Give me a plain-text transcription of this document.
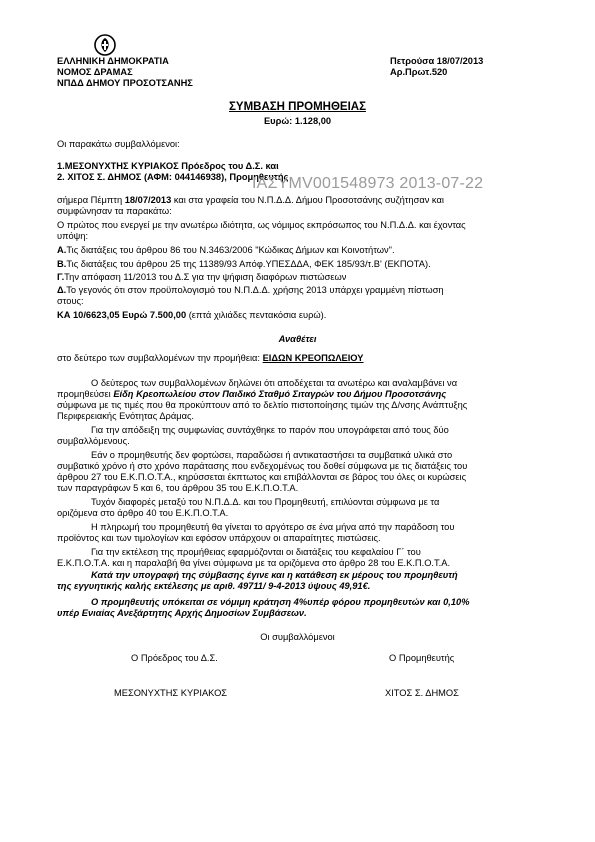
ΕΛΛΗΝΙΚΗ ΔΗΜΟΚΡΑΤΙΑ
ΝΟΜΟΣ ΔΡΑΜΑΣ
ΝΠΔΔ ΔΗΜΟΥ ΠΡΟΣΟΤΣΑΝΗΣ
Πετρούσα 18/07/2013
Αρ.Πρωτ.520
ΣΥΜΒΑΣΗ ΠΡΟΜΗΘΕΙΑΣ
Ευρώ: 1.128,00
Οι παρακάτω συμβαλλόμενοι:
1.ΜΕΣΟΝΥΧΤΗΣ ΚΥΡΙΑΚΟΣ Πρόεδρος του Δ.Σ. και
2. ΧΙΤΟΣ Σ. ΔΗΜΟΣ (ΑΦΜ: 044146938), Προμηθευτής
ΙΑΣΥΜV001548973 2013-07-22
σήμερα Πέμπτη 18/07/2013 και στα γραφεία του Ν.Π.Δ.Δ. Δήμου Προσοτσάνης συζήτησαν και
συμφώνησαν τα παρακάτω:
Ο πρώτος που ενεργεί με την ανωτέρω ιδιότητα, ως νόμιμος εκπρόσωπος του Ν.Π.Δ.Δ. και έχοντας
υπόψη:
Α.Τις διατάξεις του άρθρου 86 του Ν.3463/2006 "Κώδικας Δήμων και Κοινοτήτων".
Β.Τις διατάξεις του άρθρου 25 της 11389/93 Απόφ.ΥΠΕΣΔΔΑ, ΦΕΚ 185/93/τ.Β' (ΕΚΠΟΤΑ).
Γ.Την απόφαση 11/2013 του Δ.Σ για την ψήφιση διαφόρων πιστώσεων
Δ.Το γεγονός ότι στον προϋπολογισμό του Ν.Π.Δ.Δ. χρήσης 2013 υπάρχει γραμμένη πίστωση
στους:
ΚΑ 10/6623,05 Ευρώ 7.500,00 (επτά χιλιάδες πεντακόσια ευρώ).
Αναθέτει
στο δεύτερο των συμβαλλομένων την προμήθεια: ΕΙΔΩΝ ΚΡΕΟΠΩΛΕΙΟΥ
Ο δεύτερος των συμβαλλομένων δηλώνει ότι αποδέχεται τα ανωτέρω και αναλαμβάνει να
προμηθεύσει Είδη Κρεοπωλείου στον Παιδικό Σταθμό Σιταγρών του Δήμου Προσοτσάνης
σύμφωνα με τις τιμές που θα προκύπτουν από το δελτίο πιστοποίησης τιμών της Δ/νσης Ανάπτυξης
Περιφερειακής Ενότητας Δράμας.
Για την απόδειξη της συμφωνίας συντάχθηκε το παρόν που υπογράφεται από τους δύο
συμβαλλόμενους.
Εάν ο προμηθευτής δεν φορτώσει, παραδώσει ή αντικαταστήσει τα συμβατικά υλικά στο
συμβατικό χρόνο ή στο χρόνο παράτασης που ενδεχομένως του δοθεί σύμφωνα με τις διατάξεις του
άρθρου 27 του Ε.Κ.Π.Ο.Τ.Α., κηρύσσεται έκπτωτος και επιβάλλονται σε βάρος του όλες οι κυρώσεις
των παραγράφων 5 και 6, του άρθρου 35 του Ε.Κ.Π.Ο.Τ.Α.
Τυχόν διαφορές μεταξύ του Ν.Π.Δ.Δ. και του Προμηθευτή, επιλύονται σύμφωνα με τα
οριζόμενα στο άρθρο 40 του Ε.Κ.Π.Ο.Τ.Α.
Η πληρωμή του προμηθευτή θα γίνεται το αργότερο σε ένα μήνα από την παράδοση του
προϊόντος και των τιμολογίων και εφόσον υπάρχουν οι απαραίτητες πιστώσεις.
Για την εκτέλεση της προμήθειας εφαρμόζονται οι διατάξεις του κεφαλαίου Γ΄ του
Ε.Κ.Π.Ο.Τ.Α. και η παραλαβή θα γίνει σύμφωνα με τα οριζόμενα στο άρθρο 28 του Ε.Κ.Π.Ο.Τ.Α.
Κατά την υπογραφή της σύμβασης έγινε και η κατάθεση εκ μέρους του προμηθευτή
της εγγυητικής καλής εκτέλεσης με αριθ. 49711/ 9-4-2013 ύψους 49,91€.
Ο προμηθευτής υπόκειται σε νόμιμη κράτηση 4%υπέρ φόρου προμηθευτών και 0,10%
υπέρ Ενιαίας Ανεξάρτητης Αρχής Δημοσίων Συμβάσεων.
Οι συμβαλλόμενοι
Ο Πρόεδρος του Δ.Σ.	Ο Προμηθευτής
ΜΕΣΟΝΥΧΤΗΣ ΚΥΡΙΑΚΟΣ	ΧΙΤΟΣ Σ. ΔΗΜΟΣ
